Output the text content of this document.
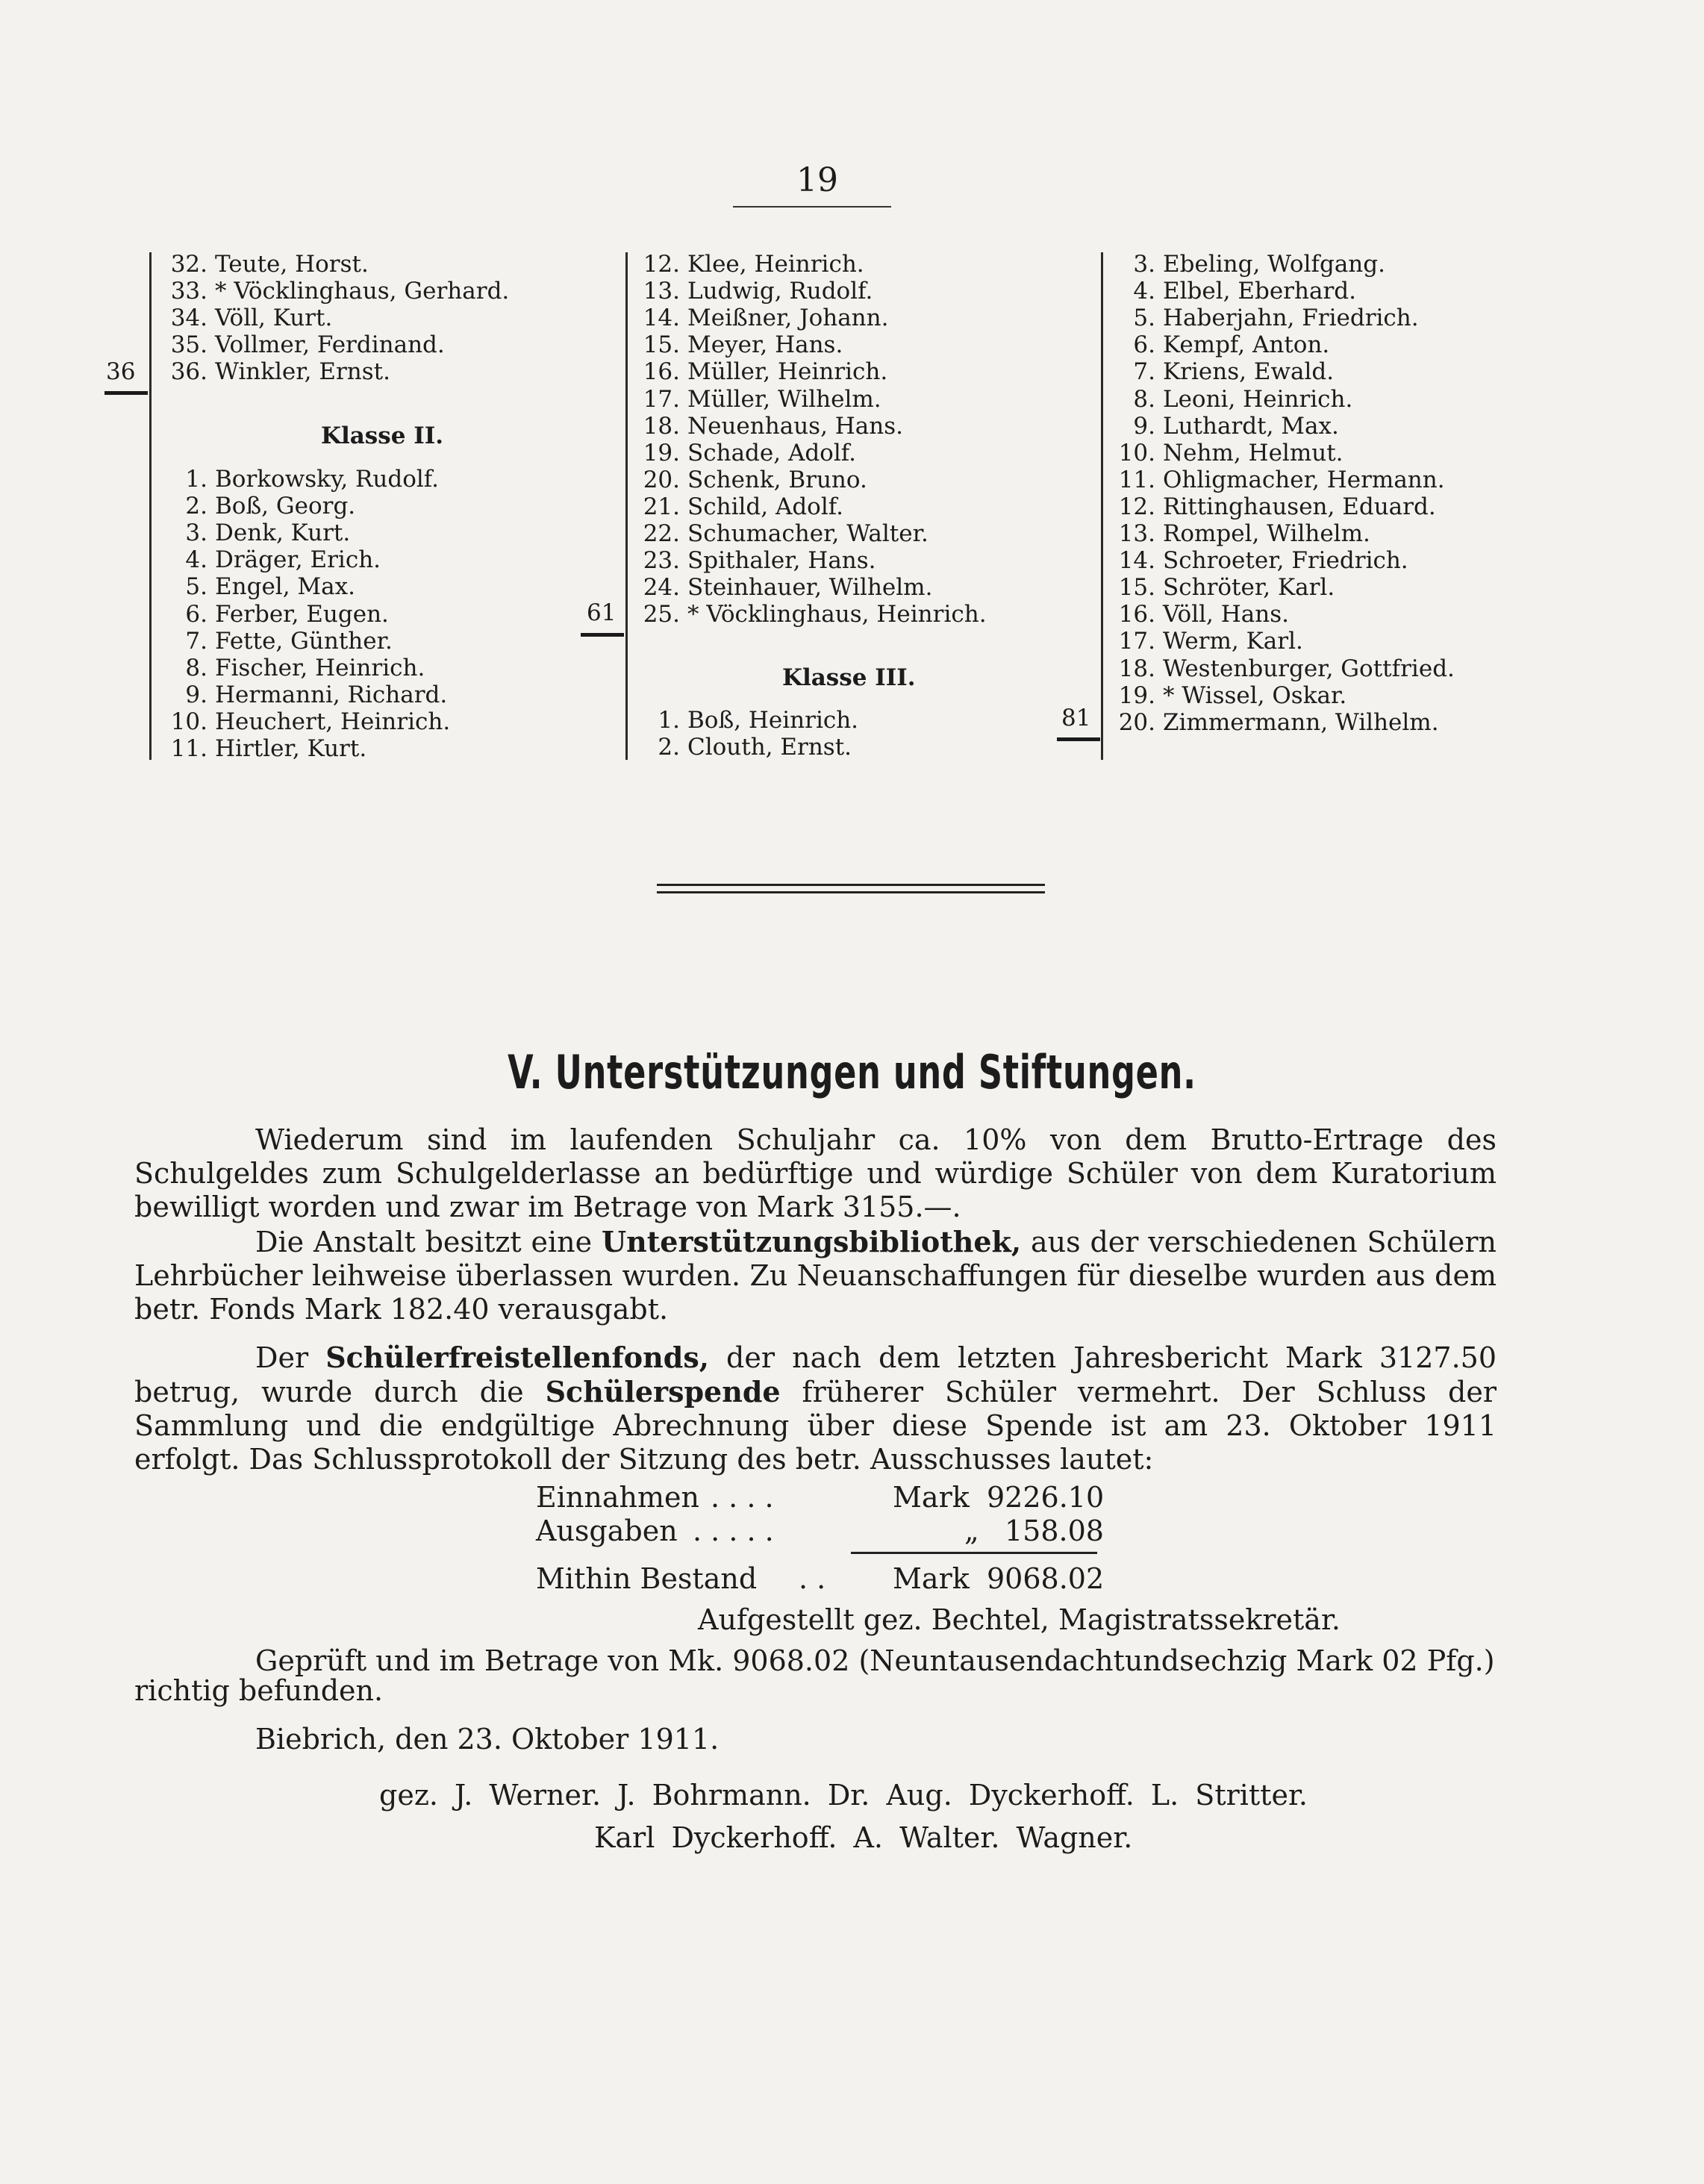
19
32. Teute, Horst.
33. * Vöcklinghaus, Gerhard.
34. Völl, Kurt.
35. Vollmer, Ferdinand.
36. Winkler, Ernst.
1. Borkowsky, Rudolf.
2. Boß, Georg.
3. Denk, Kurt.
4. Dräger, Erich.
5. Engel, Max.
6. Ferber, Eugen.
7. Fette, Günther.
8. Fischer, Heinrich.
9. Hermanni, Richard.
10. Heuchert, Heinrich.
11. Hirtler, Kurt.
36
Klasse II.
12. Klee, Heinrich.
13. Ludwig, Rudolf.
14. Meißner, Johann.
15. Meyer, Hans.
16. Müller, Heinrich.
17. Müller, Wilhelm.
18. Neuenhaus, Hans.
19. Schade, Adolf.
20. Schenk, Bruno.
21. Schild, Adolf.
22. Schumacher, Walter.
23. Spithaler, Hans.
24. Steinhauer, Wilhelm.
25. * Vöcklinghaus, Heinrich.
1. Boß, Heinrich.
2. Clouth, Ernst.
61
Klasse III.
3. Ebeling, Wolfgang.
4. Elbel, Eberhard.
5. Haberjahn, Friedrich.
6. Kempf, Anton.
7. Kriens, Ewald.
8. Leoni, Heinrich.
9. Luthardt, Max.
10. Nehm, Helmut.
11. Ohligmacher, Hermann.
12. Rittinghausen, Eduard.
13. Rompel, Wilhelm.
14. Schroeter, Friedrich.
15. Schröter, Karl.
16. Völl, Hans.
17. Werm, Karl.
18. Westenburger, Gottfried.
19. * Wissel, Oskar.
20. Zimmermann, Wilhelm.
81
V. Unterstützungen und Stiftungen.
Wiederum sind im laufenden Schuljahr ca. 10% von dem Brutto-Ertrage des Schulgeldes zum Schulgelderlasse an bedürftige und würdige Schüler von dem Kuratorium bewilligt worden und zwar im Betrage von Mark 3155.—.
Die Anstalt besitzt eine Unterstützungsbibliothek, aus der verschiedenen Schülern Lehrbücher leihweise überlassen wurden. Zu Neuanschaffungen für dieselbe wurden aus dem betr. Fonds Mark 182.40 verausgabt.
Der Schülerfreistellenfonds, der nach dem letzten Jahresbericht Mark 3127.50 betrug, wurde durch die Schülerspende früherer Schüler vermehrt. Der Schluss der Sammlung und die endgültige Abrechnung über diese Spende ist am 23. Oktober 1911 erfolgt. Das Schlussprotokoll der Sitzung des betr. Ausschusses lautet:
Einnahmen . . . .	Mark 9226.10
Ausgaben . . . . .	„ 158.08
Mithin Bestand . . Mark 9068.02
Aufgestellt gez. Bechtel, Magistratssekretär.
Geprüft und im Betrage von Mk. 9068.02 (Neuntausendachtundsechzig Mark 02 Pfg.)
richtig befunden.
Biebrich, den 23. Oktober 1911.
gez. J. Werner. J. Bohrmann. Dr. Aug. Dyckerhoff. L. Stritter.
Karl Dyckerhoff. A. Walter. Wagner.
